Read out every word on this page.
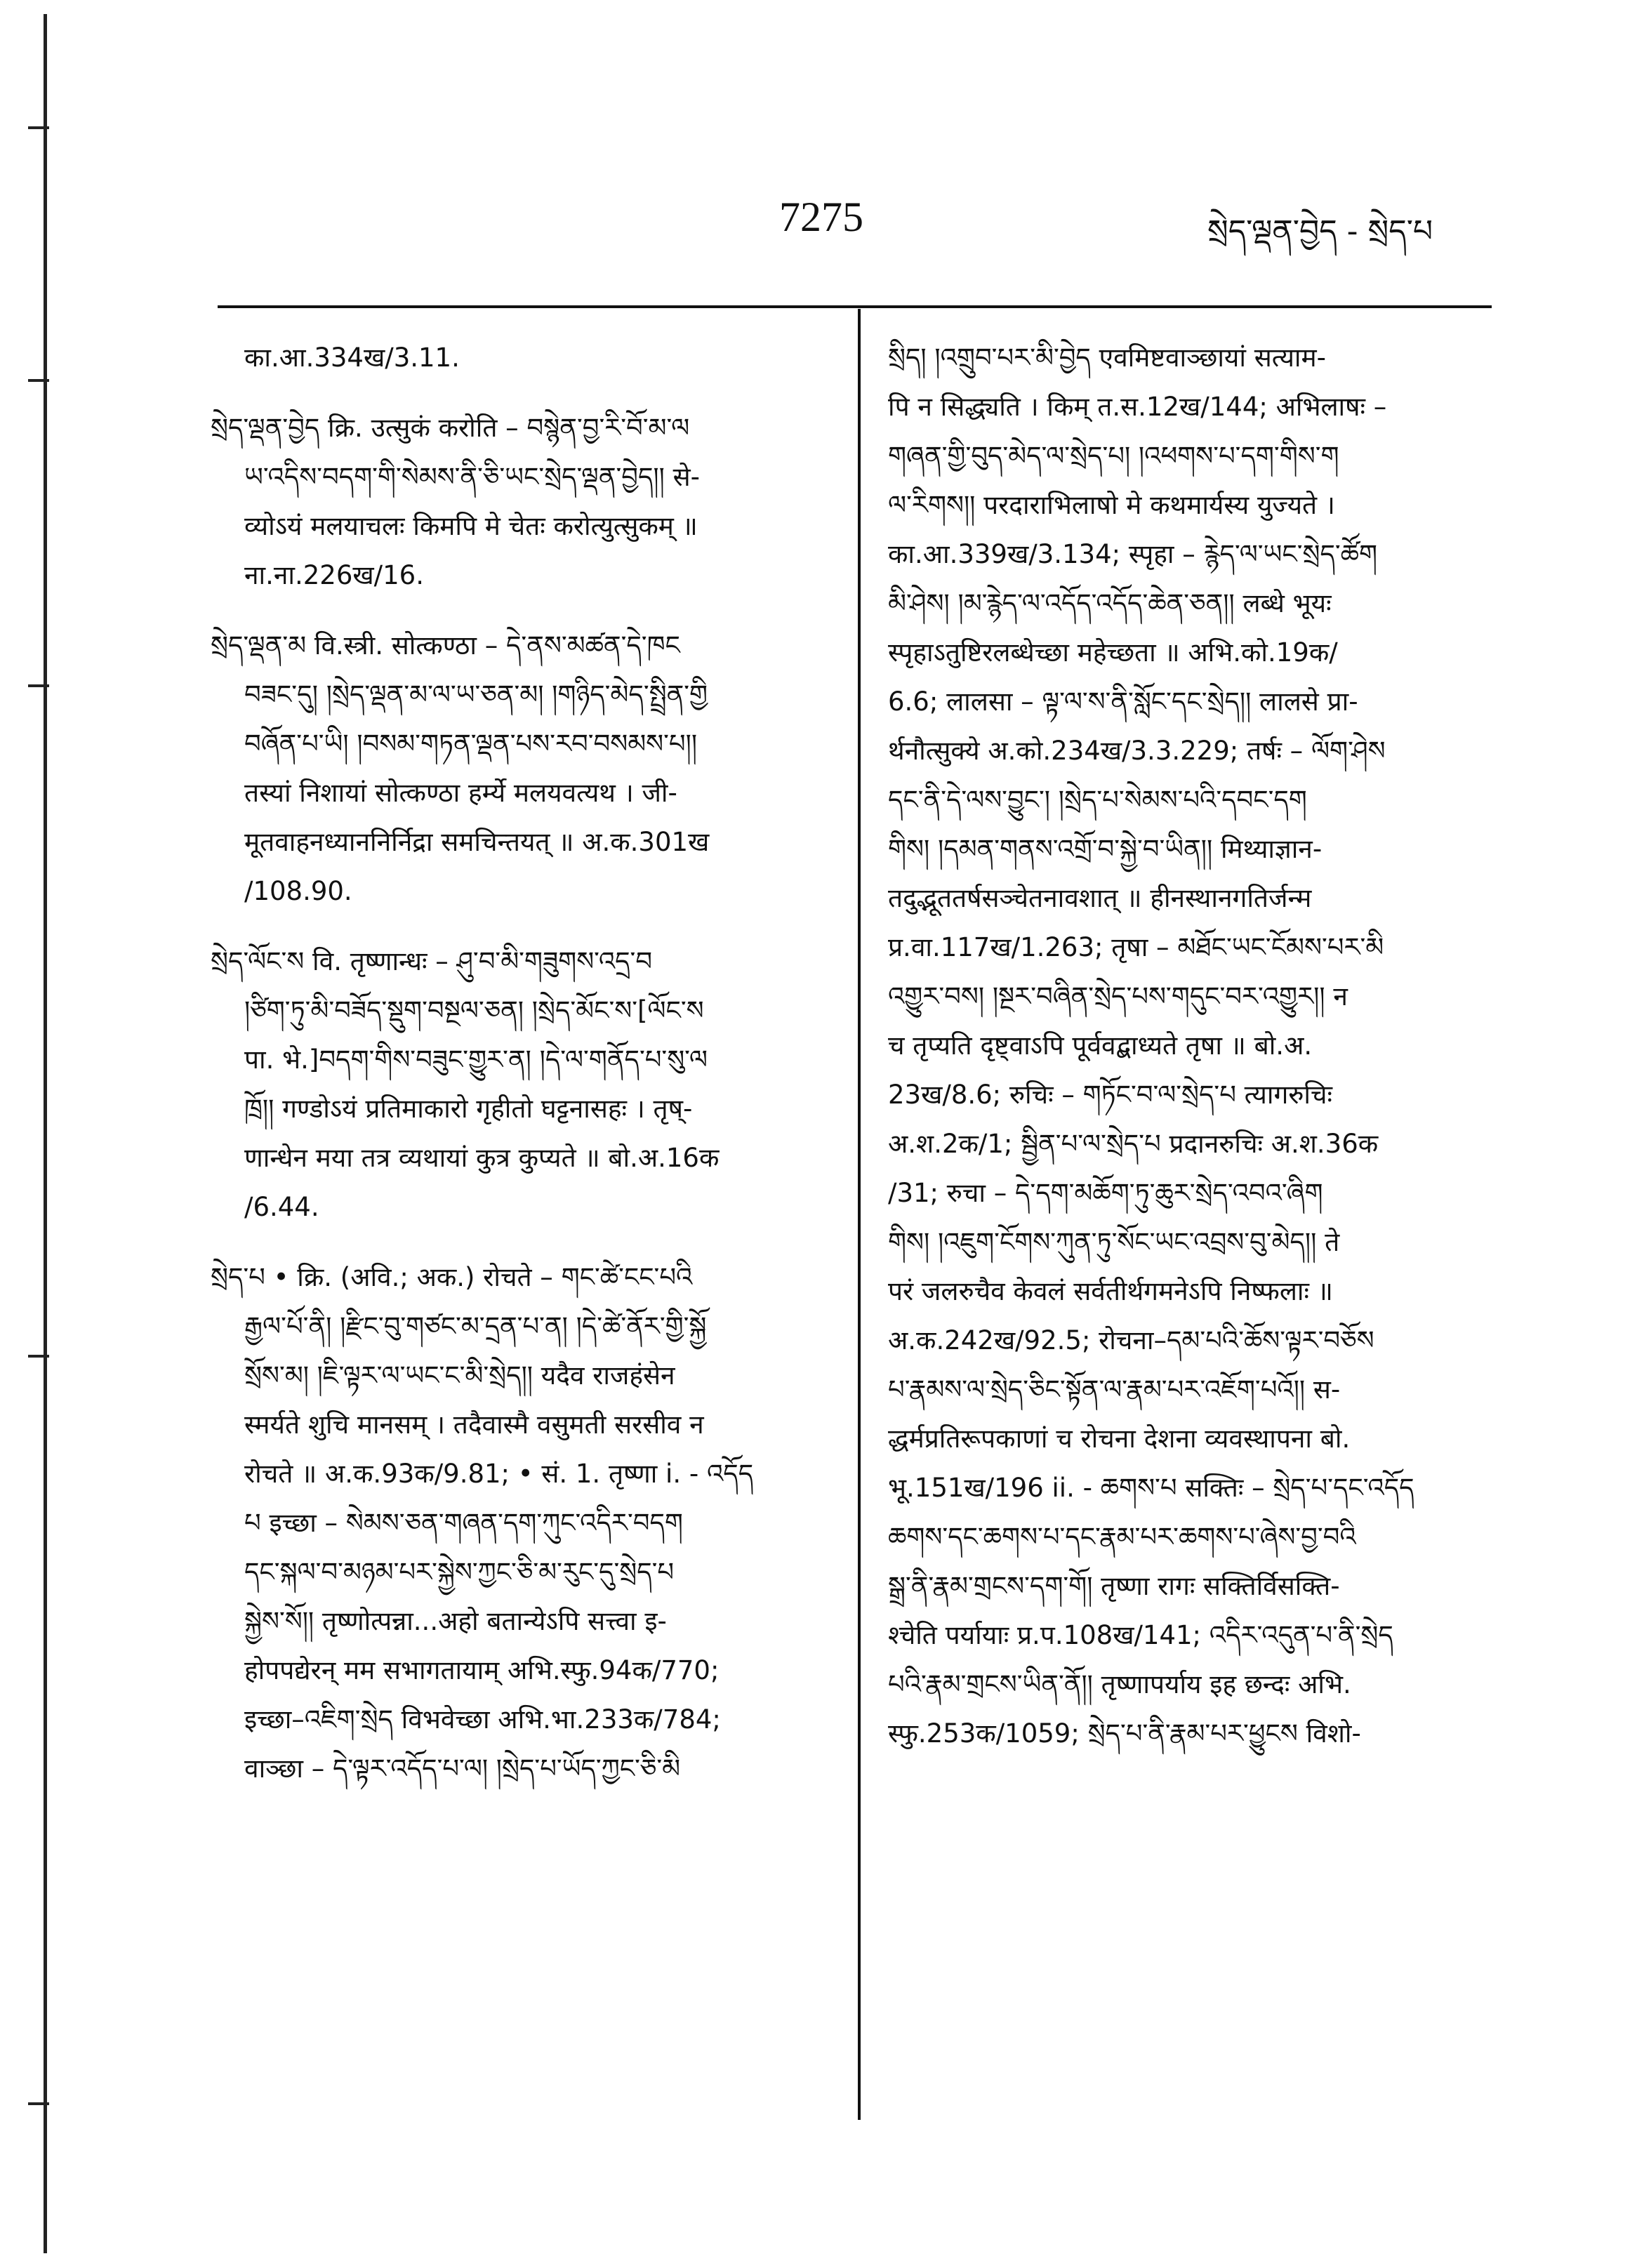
7275	སྲེད་ལྡན་བྱེད - སྲེད་པ
का.आ.334ख/3.11.
སྲེད་ལྡན་བྱེད क्रि. उत्सुकं करोति – བསྙེན་བྱ་རི་བོ་མ་ལ
ཡ་འདིས་བདག་གི་སེམས་ནི་ཅི་ཡང་སྲེད་ལྡན་བྱེད།། से-
व्योऽयं मलयाचलः किमपि मे चेतः करोत्युत्सुकम् ॥
ना.ना.226ख/16.
སྲེད་ལྡན་མ वि.स्त्री. सोत्कण्ठा – དེ་ནས་མཚན་དེ་ཁང
བཟང་དུ། །སྲེད་ལྡན་མ་ལ་ཡ་ཅན་མ། །གཉིད་མེད་སྤྲིན་གྱི
བཞོན་པ་ཡི། །བསམ་གཏན་ལྡན་པས་རབ་བསམས་པ།།
तस्यां निशायां सोत्कण्ठा हर्म्ये मलयवत्यथ । जी-
मूतवाहनध्याननिर्निद्रा समचिन्तयत् ॥ अ.क.301ख
/108.90.
སྲེད་ལོང་ས वि. तृष्णान्धः – ཤུ་བ་མི་གཟུགས་འདྲ་བ
།ཙིག་ཏུ་མི་བཟོད་སྡུག་བསྔལ་ཅན། །སྲེད་མོང་ས་[ལོང་ས
पा. भे.]བདག་གིས་བཟུང་གྱུར་ན། །དེ་ལ་གནོད་པ་སུ་ལ
ཁྲོ།། गण्डोऽयं प्रतिमाकारो गृहीतो घट्टनासहः । तृष्-
णान्धेन मया तत्र व्यथायां कुत्र कुप्यते ॥ बो.अ.16क
/6.44.
སྲེད་པ • क्रि. (अवि.; अक.) रोचते – གང་ཚེ་ངང་པའི
རྒྱལ་པོ་ནི། །རྫིང་བུ་གཙང་མ་དྲན་པ་ན། །དེ་ཚེ་ནོར་གྱི་སྐྱོ
སྲོས་མ། །ཇི་ལྟར་ལ་ཡང་ང་མི་སྲེད།། यदैव राजहंसेन
स्मर्यते शुचि मानसम् । तदैवास्मै वसुमती सरसीव न
रोचते ॥ अ.क.93क/9.81; • सं. 1. तृष्णा i. - འདོད
པ इच्छा – སེམས་ཅན་གཞན་དག་ཀུང་འདིར་བདག
དང་སྐལ་བ་མཉམ་པར་སྐྱེས་ཀྱང་ཅི་མ་རུང་དུ་སྲེད་པ
སྐྱེས་སོ།། तृष्णोत्पन्ना...अहो बतान्येऽपि सत्त्वा इ-
होपपद्येरन् मम सभागतायाम् अभि.स्फु.94क/770;
इच्छा–འཇིག་སྲེད विभवेच्छा अभि.भा.233क/784;
वाञ्छा – དེ་ལྟར་འདོད་པ་ལ། །སྲེད་པ་ཡོད་ཀྱང་ཅི་མི
སྲིད། །འགྲུབ་པར་མི་བྱེད एवमिष्टवाञ्छायां सत्याम-
पि न सिद्ध्यति । किम् त.स.12ख/144; अभिलाषः –
གཞན་གྱི་བུད་མེད་ལ་སྲེད་པ། །འཕགས་པ་དག་གིས་ག
ལ་རིགས།། परदाराभिलाषो मे कथमार्यस्य युज्यते ।
का.आ.339ख/3.134; स्पृहा – རྙེད་ལ་ཡང་སྲེད་ཚོག
མི་ཤེས། །མ་རྙེད་ལ་འདོད་འདོད་ཆེན་ཅན།། लब्धे भूयः
स्पृहाऽतुष्टिरलब्धेच्छा महेच्छता ॥ अभि.को.19क/
6.6; लालसा – ལྟ་ལ་ས་ནི་སློང་དང་སྲེད།། लालसे प्रा-
र्थनौत्सुक्ये अ.को.234ख/3.3.229; तर्षः – ལོག་ཤེས
དང་ནི་དེ་ལས་བྱུང་། །སྲེད་པ་སེམས་པའི་དབང་དག
གིས། །དམན་གནས་འགྲོ་བ་སྐྱེ་བ་ཡིན།། मिथ्याज्ञान-
तदुद्भूततर्षसञ्चेतनावशात् ॥ हीनस्थानगतिर्जन्म
प्र.वा.117ख/1.263; तृषा – མཐོང་ཡང་ངོམས་པར་མི
འགྱུར་བས། །སྔར་བཞིན་སྲེད་པས་གདུང་བར་འགྱུར།། न
च तृप्यति दृष्ट्वाऽपि पूर्ववद्बाध्यते तृषा ॥ बो.अ.
23ख/8.6; रुचिः – གཏོང་བ་ལ་སྲེད་པ त्यागरुचिः
अ.श.2क/1; སྦྱིན་པ་ལ་སྲེད་པ प्रदानरुचिः अ.श.36क
/31; रुचा – དེ་དག་མཆོག་ཏུ་ཆུར་སྲེད་འབའ་ཞིག
གིས། །འཇུག་ངོགས་ཀུན་ཏུ་སོང་ཡང་འབྲས་བུ་མེད།། ते
परं जलरुचैव केवलं सर्वतीर्थगमनेऽपि निष्फलाः ॥
अ.क.242ख/92.5; रोचना–དམ་པའི་ཆོས་ལྟར་བཅོས
པ་རྣམས་ལ་སྲེད་ཅིང་སྟོན་ལ་རྣམ་པར་འཇོག་པའོ།། स-
द्धर्मप्रतिरूपकाणां च रोचना देशना व्यवस्थापना बो.
भू.151ख/196 ii. - ཆགས་པ सक्तिः – སྲེད་པ་དང་འདོད
ཆགས་དང་ཆགས་པ་དང་རྣམ་པར་ཆགས་པ་ཞེས་བྱ་བའི
སྒྲ་ནི་རྣམ་གྲངས་དག་གོ། तृष्णा रागः सक्तिर्विसक्ति-
श्चेति पर्यायाः प्र.प.108ख/141; འདིར་འདུན་པ་ནི་སྲེད
པའི་རྣམ་གྲངས་ཡིན་ནོ།། तृष्णापर्याय इह छन्दः अभि.
स्फु.253क/1059; སྲེད་པ་ནི་རྣམ་པར་ཕྱུངས विशो-
